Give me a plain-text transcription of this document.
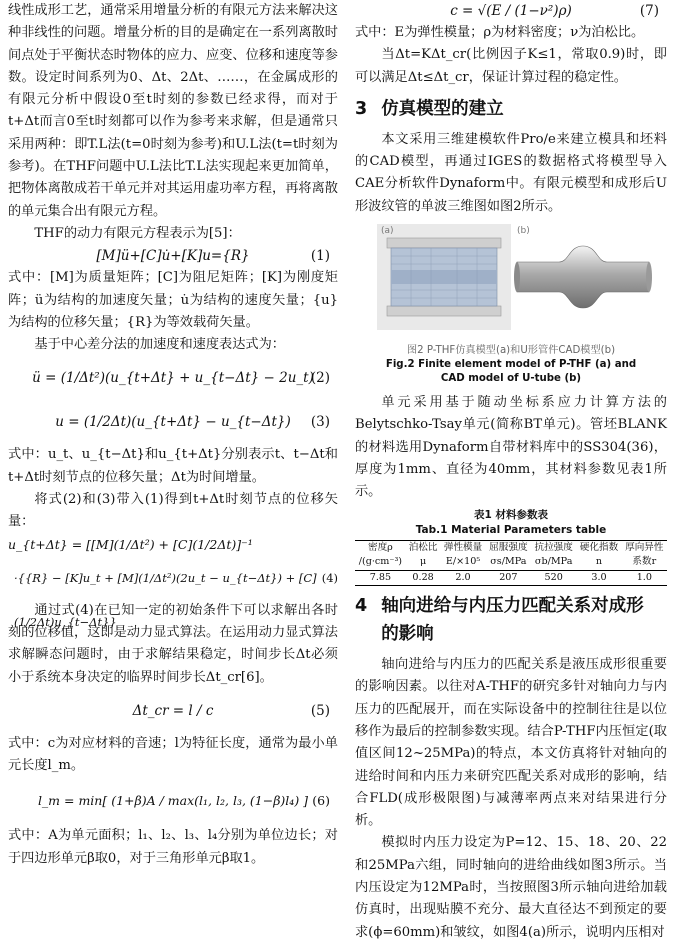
线性成形工艺，通常采用增量分析的有限元方法来解决这种非线性的问题。增量分析的目的是确定在一系列离散时间点处于平衡状态时物体的应力、应变、位移和速度等参数。设定时间系列为0、Δt、2Δt、……，在金属成形的有限元分析中假设0至t时刻的参数已经求得，而对于t+Δt而言0至t时刻都可以作为参考来求解，但是通常只采用两种：即T.L法(t=0时刻为参考)和U.L法(t=t时刻为参考)。在THF问题中U.L法比T.L法实现起来更加简单，把物体离散成若干单元并对其运用虚功率方程，再将离散的单元集合出有限元方程。

THF的动力有限元方程表示为[5]：

[M]ü+[C]u̇+[K]u={R}	(1)

式中：[M]为质量矩阵；[C]为阻尼矩阵；[K]为刚度矩阵；ü为结构的加速度矢量；u̇为结构的速度矢量；{u}为结构的位移矢量；{R}为等效载荷矢量。

基于中心差分法的加速度和速度表达式为：

ü = (1/Δt²)(u_{t+Δt} + u_{t−Δt} − 2u_t)
(2)
u = (1/2Δt)(u_{t+Δt} − u_{t−Δt}) (3)

式中：u_t、u_{t−Δt}和u_{t+Δt}分别表示t、t−Δt和t+Δt时刻节点的位移矢量；Δt为时间增量。

将式(2)和(3)带入(1)得到t+Δt时刻节点的位移矢量：

u_{t+Δt} = [[M](1/Δt²) + [C](1/2Δt)]⁻¹
·{{R} − [K]u_t + [M](1/Δt²)(2u_t − u_{t−Δt}) + [C](1/2Δt)u_{t−Δt}}
(4)

通过式(4)在已知一定的初始条件下可以求解出各时刻的位移值，这即是动力显式算法。在运用动力显式算法求解瞬态问题时，由于求解结果稳定，时间步长Δt必须小于系统本身决定的临界时间步长Δt_cr[6]。

Δt_cr = l / c	(5)

式中：c为对应材料的音速；l为特征长度，通常为最小单元长度l_m。

l_m = min[ (1+β)A / max(l₁, l₂, l₃, (1−β)l₄) ] (6)

式中：A为单元面积；l₁、l₂、l₃、l₄分别为单位边长；对于四边形单元β取0，对于三角形单元β取1。

c = √(E / (1−ν²)ρ)	(7)

式中：E为弹性模量；ρ为材料密度；ν为泊松比。

当Δt=KΔt_cr(比例因子K≤1，常取0.9)时，即可以满足Δt≤Δt_cr，保证计算过程的稳定性。

3 仿真模型的建立

本文采用三维建模软件Pro/e来建立模具和坯料的CAD模型，再通过IGES的数据格式将模型导入CAE分析软件Dynaform中。有限元模型和成形后U形波纹管的单波三维图如图2所示。

(a)	(b)
图2 P-THF仿真模型(a)和U形管件CAD模型(b)
Fig.2 Finite element model of P-THF (a) and
CAD model of U-tube (b)

单元采用基于随动坐标系应力计算方法的Belytschko-Tsay单元(简称BT单元)。管坯BLANK的材料选用Dynaform自带材料库中的SS304(36)，厚度为1mm、直径为40mm，其材料参数见表1所示。

表1 材料参数表
Tab.1 Material Parameters table
密度ρ	泊松比	弹性模量	屈服强度	抗拉强度	硬化指数	厚向异性
/(g·cm⁻³)	μ	E/×10⁵	σs/MPa	σb/MPa	n	系数r
7.85	0.28	2.0	207	520	3.0	1.0
4 轴向进给与内压力匹配关系对成形
的影响

轴向进给与内压力的匹配关系是液压成形很重要的影响因素。以往对A-THF的研究多针对轴向力与内压力的匹配展开，而在实际设备中的控制往往是以位移作为最后的控制参数实现。结合P-THF内压恒定(取值区间12~25MPa)的特点，本文仿真将针对轴向的进给时间和内压力来研究匹配关系对成形的影响，结合FLD(成形极限图)与减薄率两点来对结果进行分析。

模拟时内压力设定为P=12、15、18、20、22和25MPa六组，同时轴向的进给曲线如图3所示。当内压设定为12MPa时，当按照图3所示轴向进给加载仿真时，出现贴膜不充分、最大直径达不到预定的要求(ϕ=60mm)和皱纹，如图4(a)所示，说明内压相对
